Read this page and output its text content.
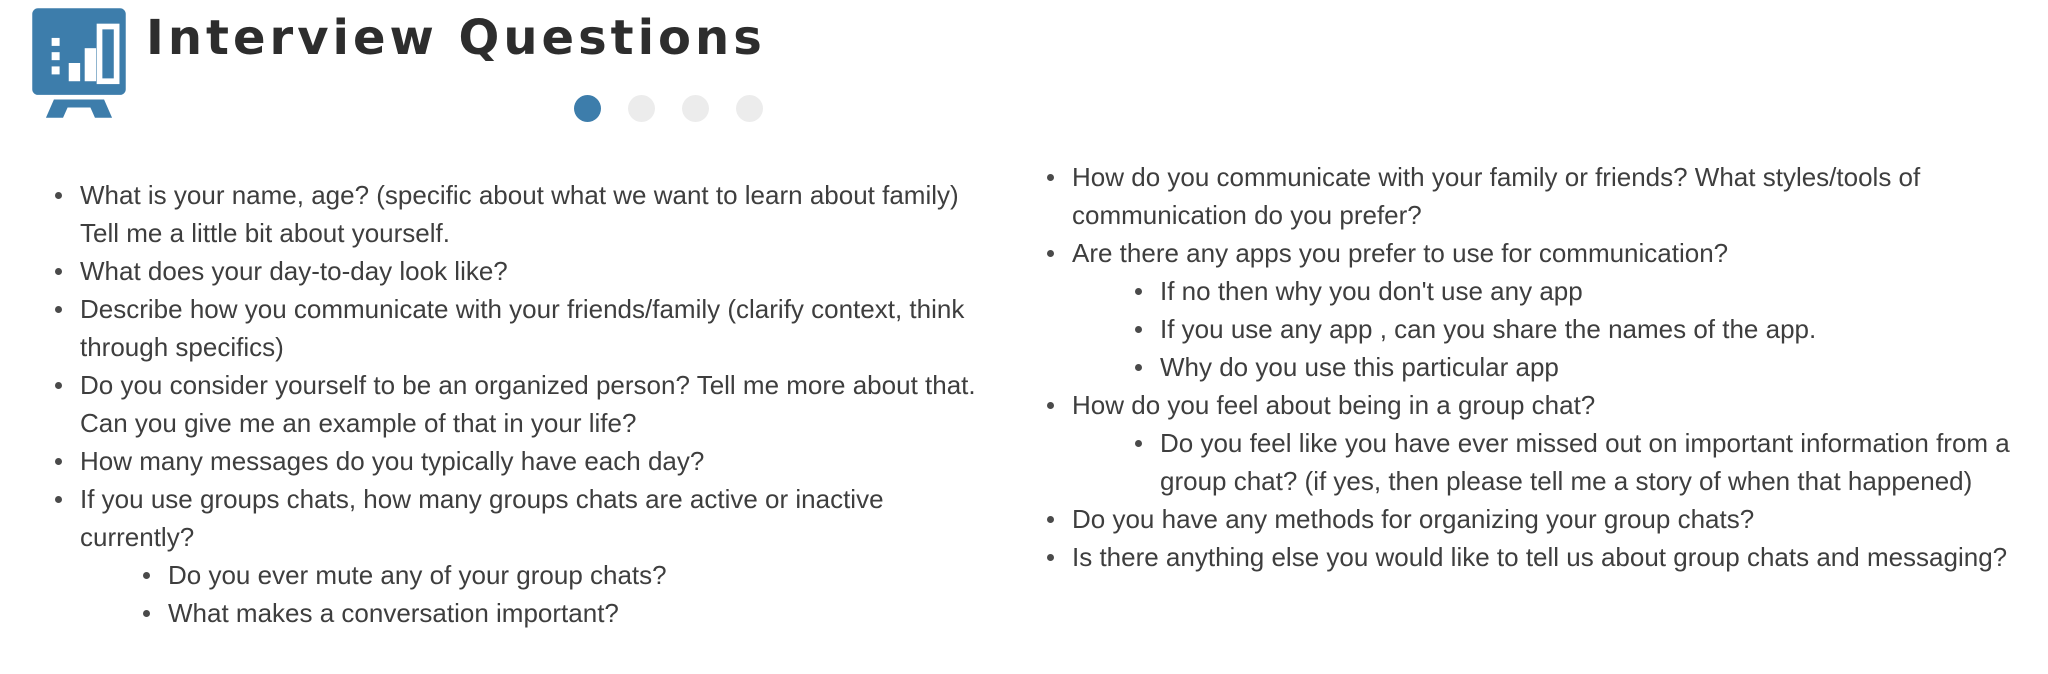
Interview Questions
What is your name, age? (specific about what we want to learn about family) Tell me a little bit about yourself.
What does your day-to-day look like?
Describe how you communicate with your friends/family (clarify context, think through specifics)
Do you consider yourself to be an organized person? Tell me more about that. Can you give me an example of that in your life?
How many messages do you typically have each day?
If you use groups chats, how many groups chats are active or inactive currently?
Do you ever mute any of your group chats?
What makes a conversation important?
How do you communicate with your family or friends? What styles/tools of communication do you prefer?
Are there any apps you prefer to use for communication?
If no then why you don't use any app
If you use any app , can you share the names of the app.
Why do you use this particular app
How do you feel about being in a group chat?
Do you feel like you have ever missed out on important information from a group chat? (if yes, then please tell me a story of when that happened)
Do you have any methods for organizing your group chats?
Is there anything else you would like to tell us about group chats and messaging?
